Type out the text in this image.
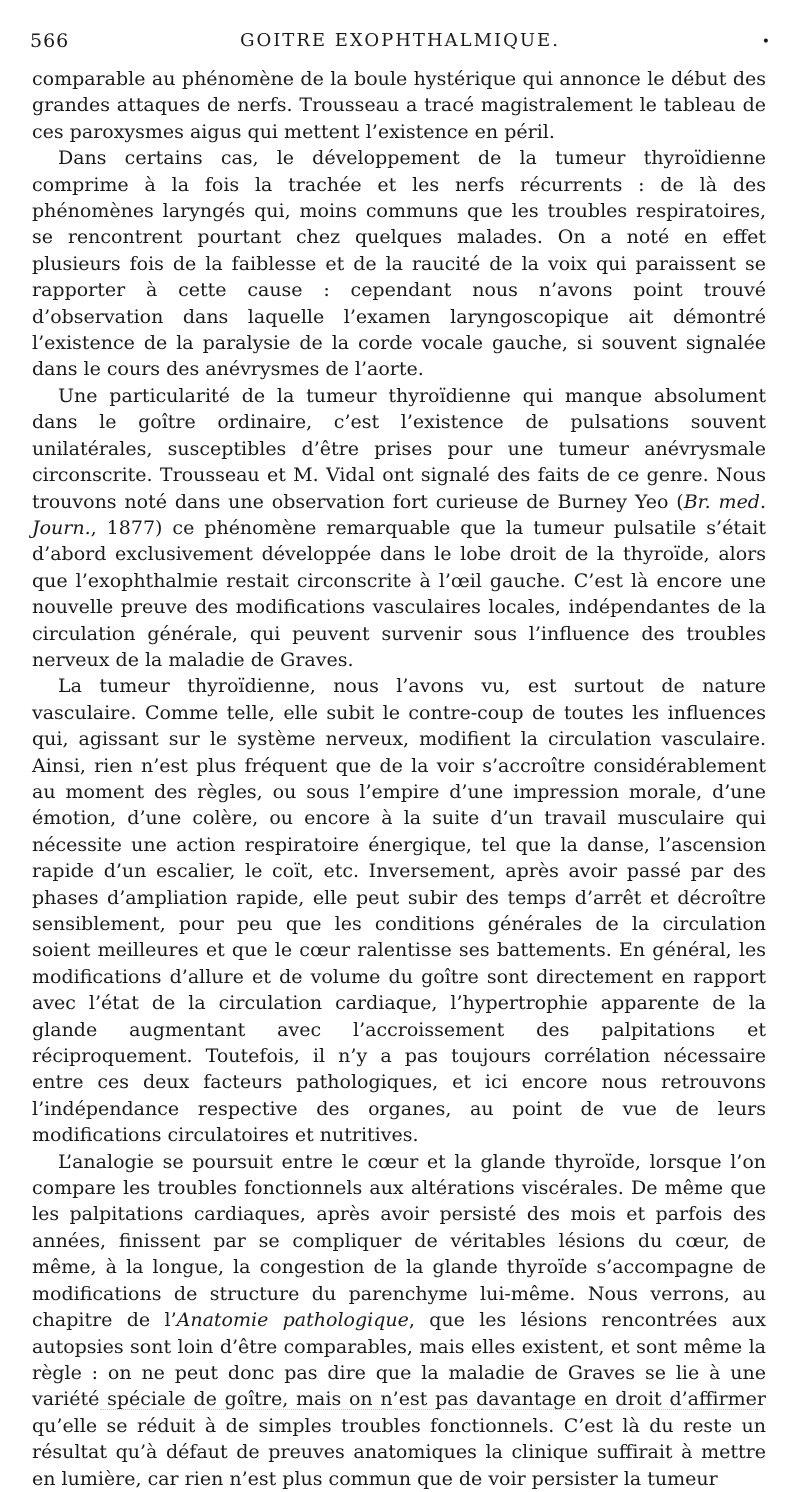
566	GOITRE EXOPHTHALMIQUE.	•

comparable au phénomène de la boule hystérique qui annonce le début des grandes attaques de nerfs. Trousseau a tracé magistralement le tableau de ces paroxysmes aigus qui mettent l’existence en péril.

Dans certains cas, le développement de la tumeur thyroïdienne comprime à la fois la trachée et les nerfs récurrents : de là des phénomènes laryngés qui, moins communs que les troubles respiratoires, se rencontrent pourtant chez quelques malades. On a noté en effet plusieurs fois de la faiblesse et de la raucité de la voix qui paraissent se rapporter à cette cause : cependant nous n’avons point trouvé d’observation dans laquelle l’examen laryngoscopique ait démontré l’existence de la paralysie de la corde vocale gauche, si souvent signalée dans le cours des anévrysmes de l’aorte.

Une particularité de la tumeur thyroïdienne qui manque absolument dans le goître ordinaire, c’est l’existence de pulsations souvent unilatérales, susceptibles d’être prises pour une tumeur anévrysmale circonscrite. Trousseau et M. Vidal ont signalé des faits de ce genre. Nous trouvons noté dans une observation fort curieuse de Burney Yeo (Br. med. Journ., 1877) ce phénomène remarquable que la tumeur pulsatile s’était d’abord exclusivement développée dans le lobe droit de la thyroïde, alors que l’exophthalmie restait circonscrite à l’œil gauche. C’est là encore une nouvelle preuve des modifications vasculaires locales, indépendantes de la circulation générale, qui peuvent survenir sous l’influence des troubles nerveux de la maladie de Graves.

La tumeur thyroïdienne, nous l’avons vu, est surtout de nature vasculaire. Comme telle, elle subit le contre-coup de toutes les influences qui, agissant sur le système nerveux, modifient la circulation vasculaire. Ainsi, rien n’est plus fréquent que de la voir s’accroître considérablement au moment des règles, ou sous l’empire d’une impression morale, d’une émotion, d’une colère, ou encore à la suite d’un travail musculaire qui nécessite une action respiratoire énergique, tel que la danse, l’ascension rapide d’un escalier, le coït, etc. Inversement, après avoir passé par des phases d’ampliation rapide, elle peut subir des temps d’arrêt et décroître sensiblement, pour peu que les conditions générales de la circulation soient meilleures et que le cœur ralentisse ses battements. En général, les modifications d’allure et de volume du goître sont directement en rapport avec l’état de la circulation cardiaque, l’hypertrophie apparente de la glande augmentant avec l’accroissement des palpitations et réciproquement. Toutefois, il n’y a pas toujours corrélation nécessaire entre ces deux facteurs pathologiques, et ici encore nous retrouvons l’indépendance respective des organes, au point de vue de leurs modifications circulatoires et nutritives.

L’analogie se poursuit entre le cœur et la glande thyroïde, lorsque l’on compare les troubles fonctionnels aux altérations viscérales. De même que les palpitations cardiaques, après avoir persisté des mois et parfois des années, finissent par se compliquer de véritables lésions du cœur, de même, à la longue, la congestion de la glande thyroïde s’accompagne de modifications de structure du parenchyme lui-même. Nous verrons, au chapitre de l’Anatomie pathologique, que les lésions rencontrées aux autopsies sont loin d’être comparables, mais elles existent, et sont même la règle : on ne peut donc pas dire que la maladie de Graves se lie à une variété spéciale de goître, mais on n’est pas davantage en droit d’affirmer qu’elle se réduit à de simples troubles fonctionnels. C’est là du reste un résultat qu’à défaut de preuves anatomiques la clinique suffirait à mettre en lumière, car rien n’est plus commun que de voir persister la tumeur
